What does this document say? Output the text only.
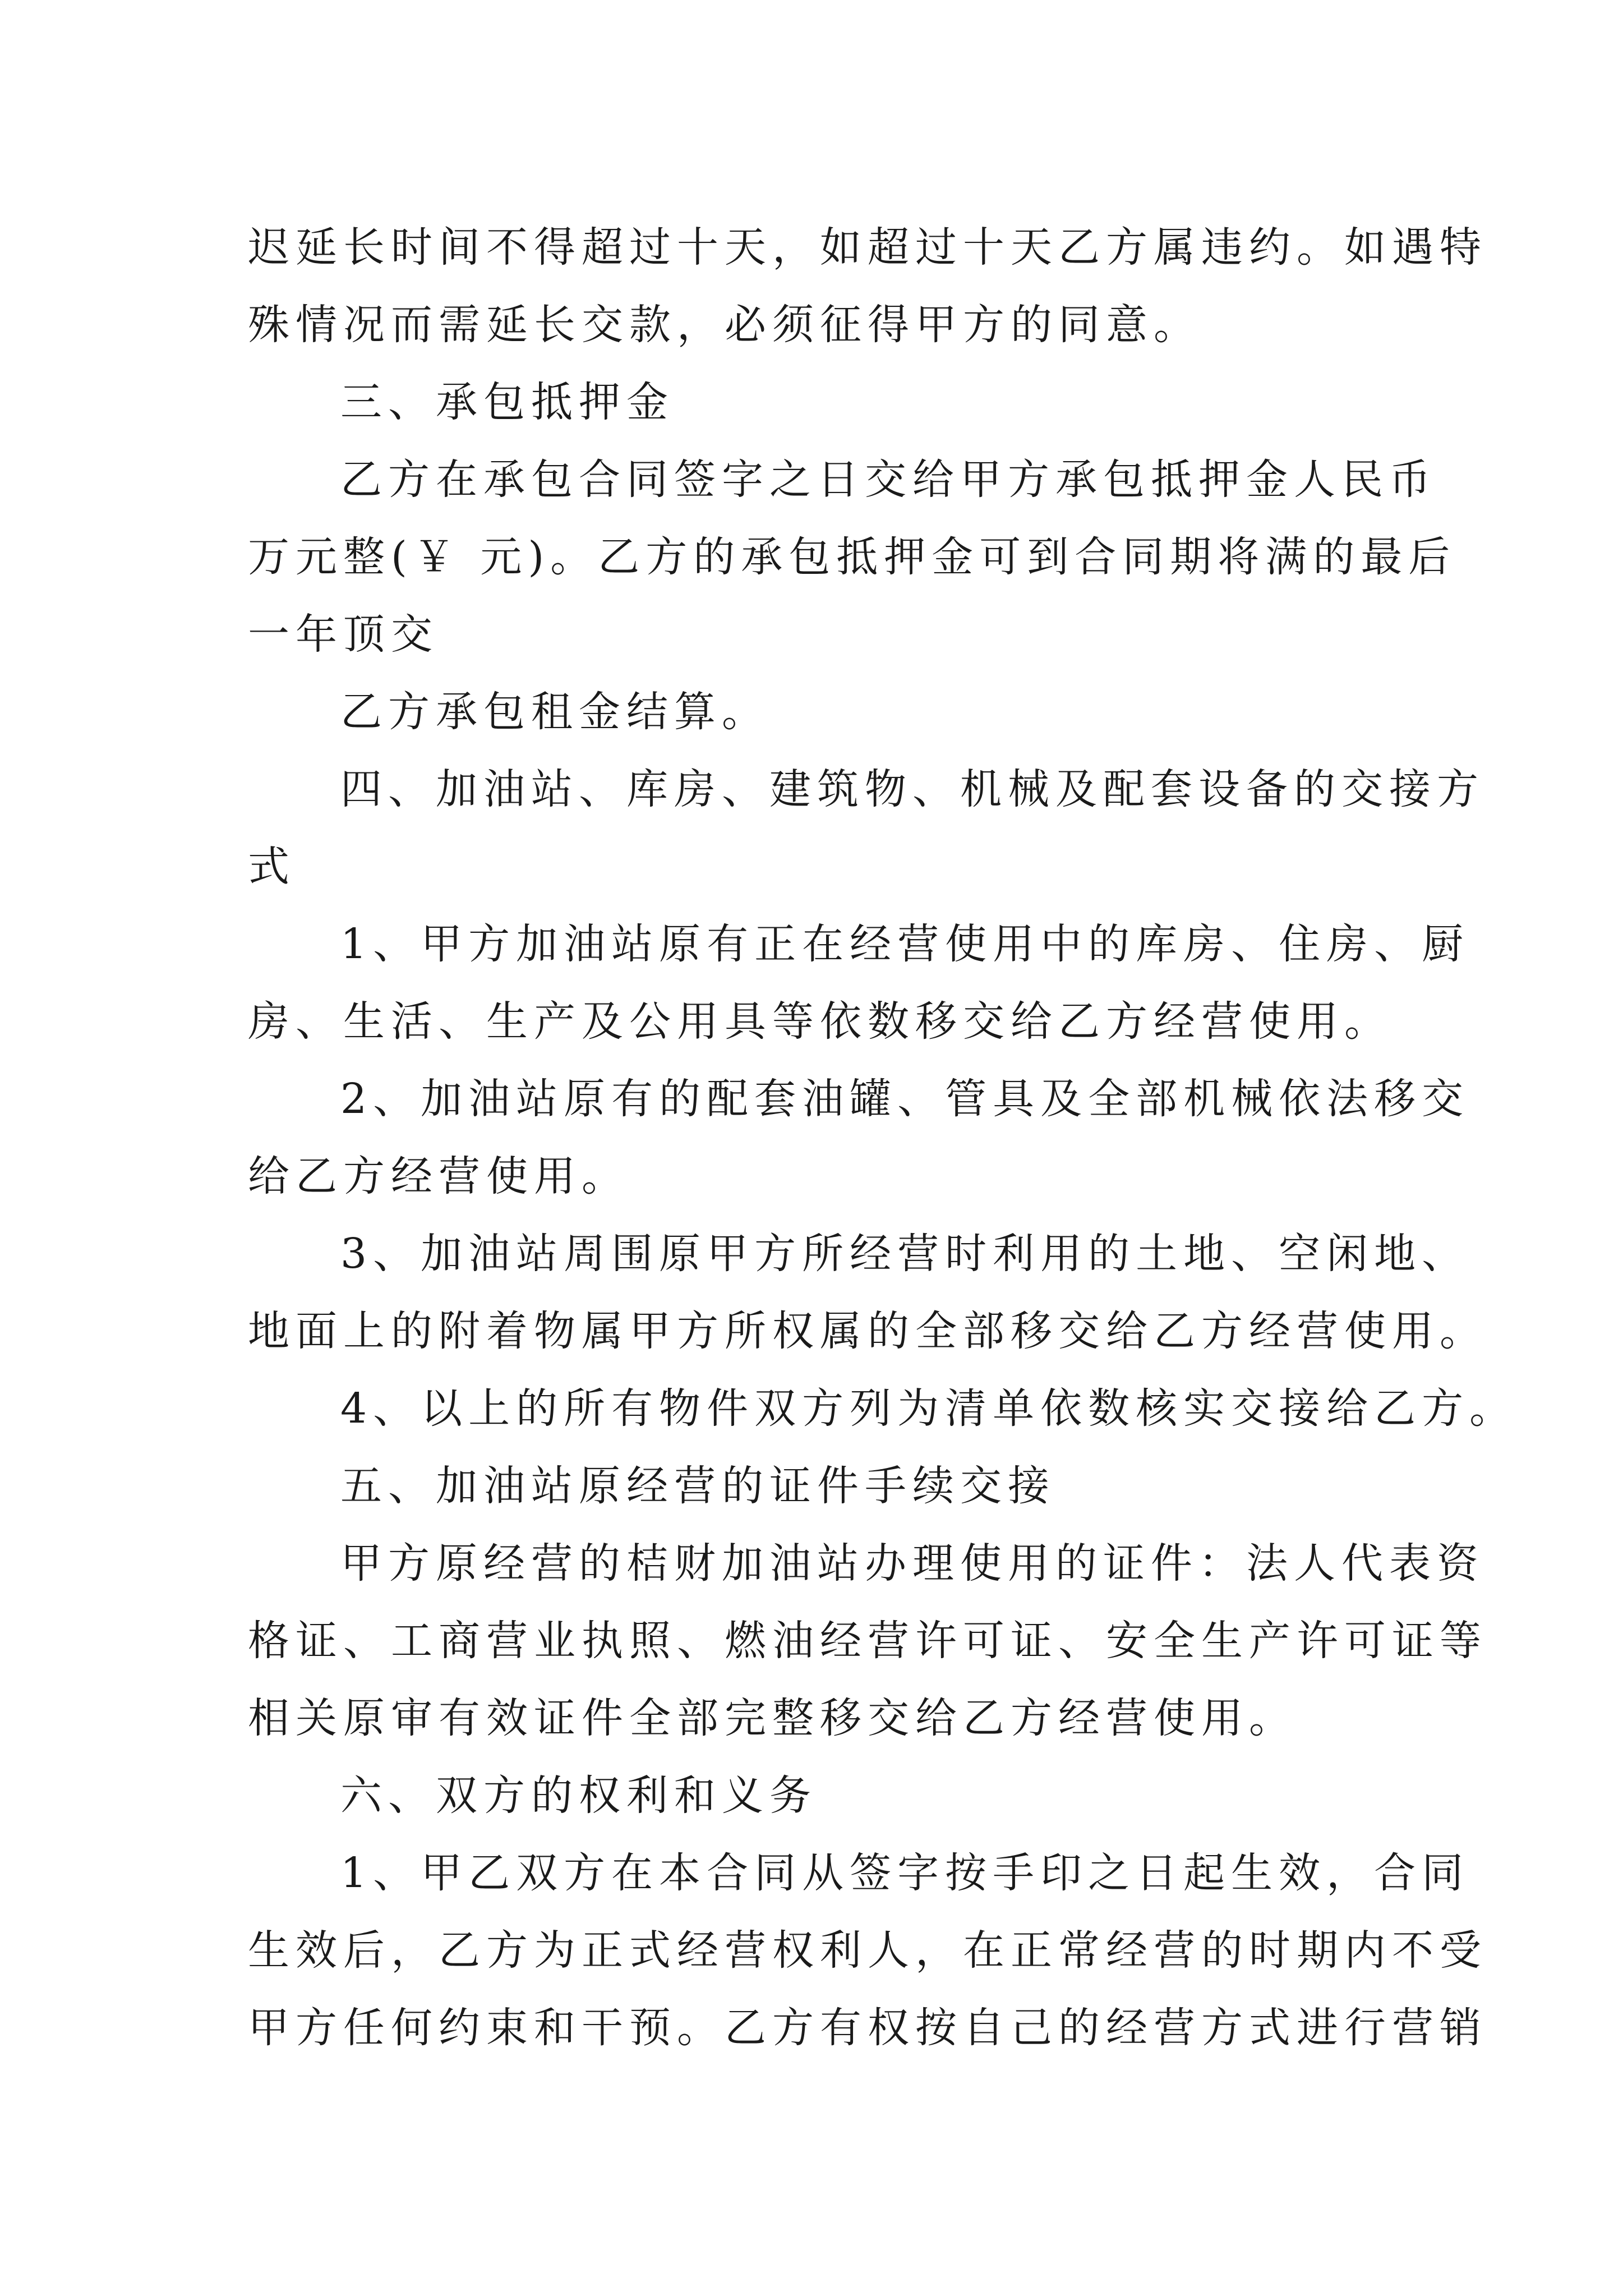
迟延长时间不得超过十天，如超过十天乙方属违约。如遇特

殊情况而需延长交款，必须征得甲方的同意。

三、承包抵押金

乙方在承包合同签字之日交给甲方承包抵押金人民币

万元整(￥ 元)。乙方的承包抵押金可到合同期将满的最后

一年顶交

乙方承包租金结算。

四、加油站、库房、建筑物、机械及配套设备的交接方

式

1、甲方加油站原有正在经营使用中的库房、住房、厨

房、生活、生产及公用具等依数移交给乙方经营使用。

2、加油站原有的配套油罐、管具及全部机械依法移交

给乙方经营使用。

3、加油站周围原甲方所经营时利用的土地、空闲地、

地面上的附着物属甲方所权属的全部移交给乙方经营使用。

4、以上的所有物件双方列为清单依数核实交接给乙方。

五、加油站原经营的证件手续交接

甲方原经营的桔财加油站办理使用的证件：法人代表资

格证、工商营业执照、燃油经营许可证、安全生产许可证等

相关原审有效证件全部完整移交给乙方经营使用。

六、双方的权利和义务

1、甲乙双方在本合同从签字按手印之日起生效，合同

生效后，乙方为正式经营权利人，在正常经营的时期内不受

甲方任何约束和干预。乙方有权按自己的经营方式进行营销
